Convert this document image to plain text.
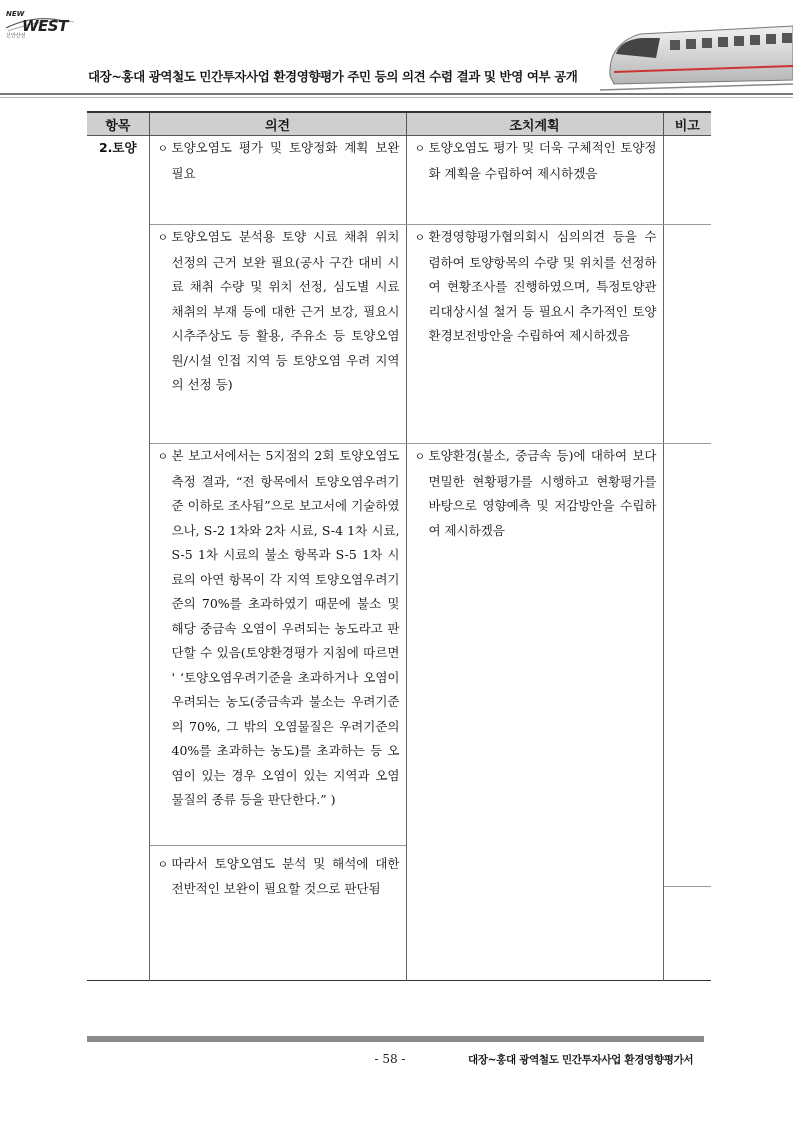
NEW
WEST
신안산선
대장~홍대 광역철도 민간투자사업 환경영향평가 주민 등의 의견 수렴 결과 및 반영 여부 공개
항목	의견	조치계획	비고
2.토양	ㅇ 토양오염도 평가 및 토양정화 계획 보완 필요	ㅇ 토양오염도 평가 및 더욱 구체적인 토양정화 계획을 수립하여 제시하겠음	

	ㅇ 토양오염도 분석용 토양 시료 채취 위치 선정의 근거 보완 필요(공사 구간 대비 시료 채취 수량 및 위치 선정, 심도별 시료 채취의 부재 등에 대한 근거 보강, 필요시 시추주상도 등 활용, 주유소 등 토양오염원/시설 인접 지역 등 토양오염 우려 지역의 선정 등)	ㅇ 환경영향평가협의회시 심의의견 등을 수렴하여 토양항목의 수량 및 위치를 선정하여 현황조사를 진행하였으며, 특정토양관리대상시설 철거 등 필요시 추가적인 토양환경보전방안을 수립하여 제시하겠음	

	ㅇ 본 보고서에서는 5지점의 2회 토양오염도 측정 결과, “전 항목에서 토양오염우려기준 이하로 조사됨”으로 보고서에 기술하였으나, S-2 1차와 2차 시료, S-4 1차 시료, S-5 1차 시료의 불소 항목과 S-5 1차 시료의 아연 항목이 각 지역 토양오염우려기준의 70%를 초과하였기 때문에 불소 및 해당 중금속 오염이 우려되는 농도라고 판단할 수 있음(토양환경평가 지침에 따르면 ' ‘토양오염우려기준을 초과하거나 오염이 우려되는 농도(중금속과 불소는 우려기준의 70%, 그 밖의 오염물질은 우려기준의 40%를 초과하는 농도)를 초과하는 등 오염이 있는 경우 오염이 있는 지역과 오염물질의 종류 등을 판단한다.” )
ㅇ 따라서 토양오염도 분석 및 해석에 대한 전반적인 보완이 필요할 것으로 판단됨	ㅇ 토양환경(불소, 중금속 등)에 대하여 보다 면밀한 현황평가를 시행하고 현황평가를 바탕으로 영향예측 및 저감방안을 수립하여 제시하겠음	

- 58 -	대장~홍대 광역철도 민간투자사업 환경영향평가서
